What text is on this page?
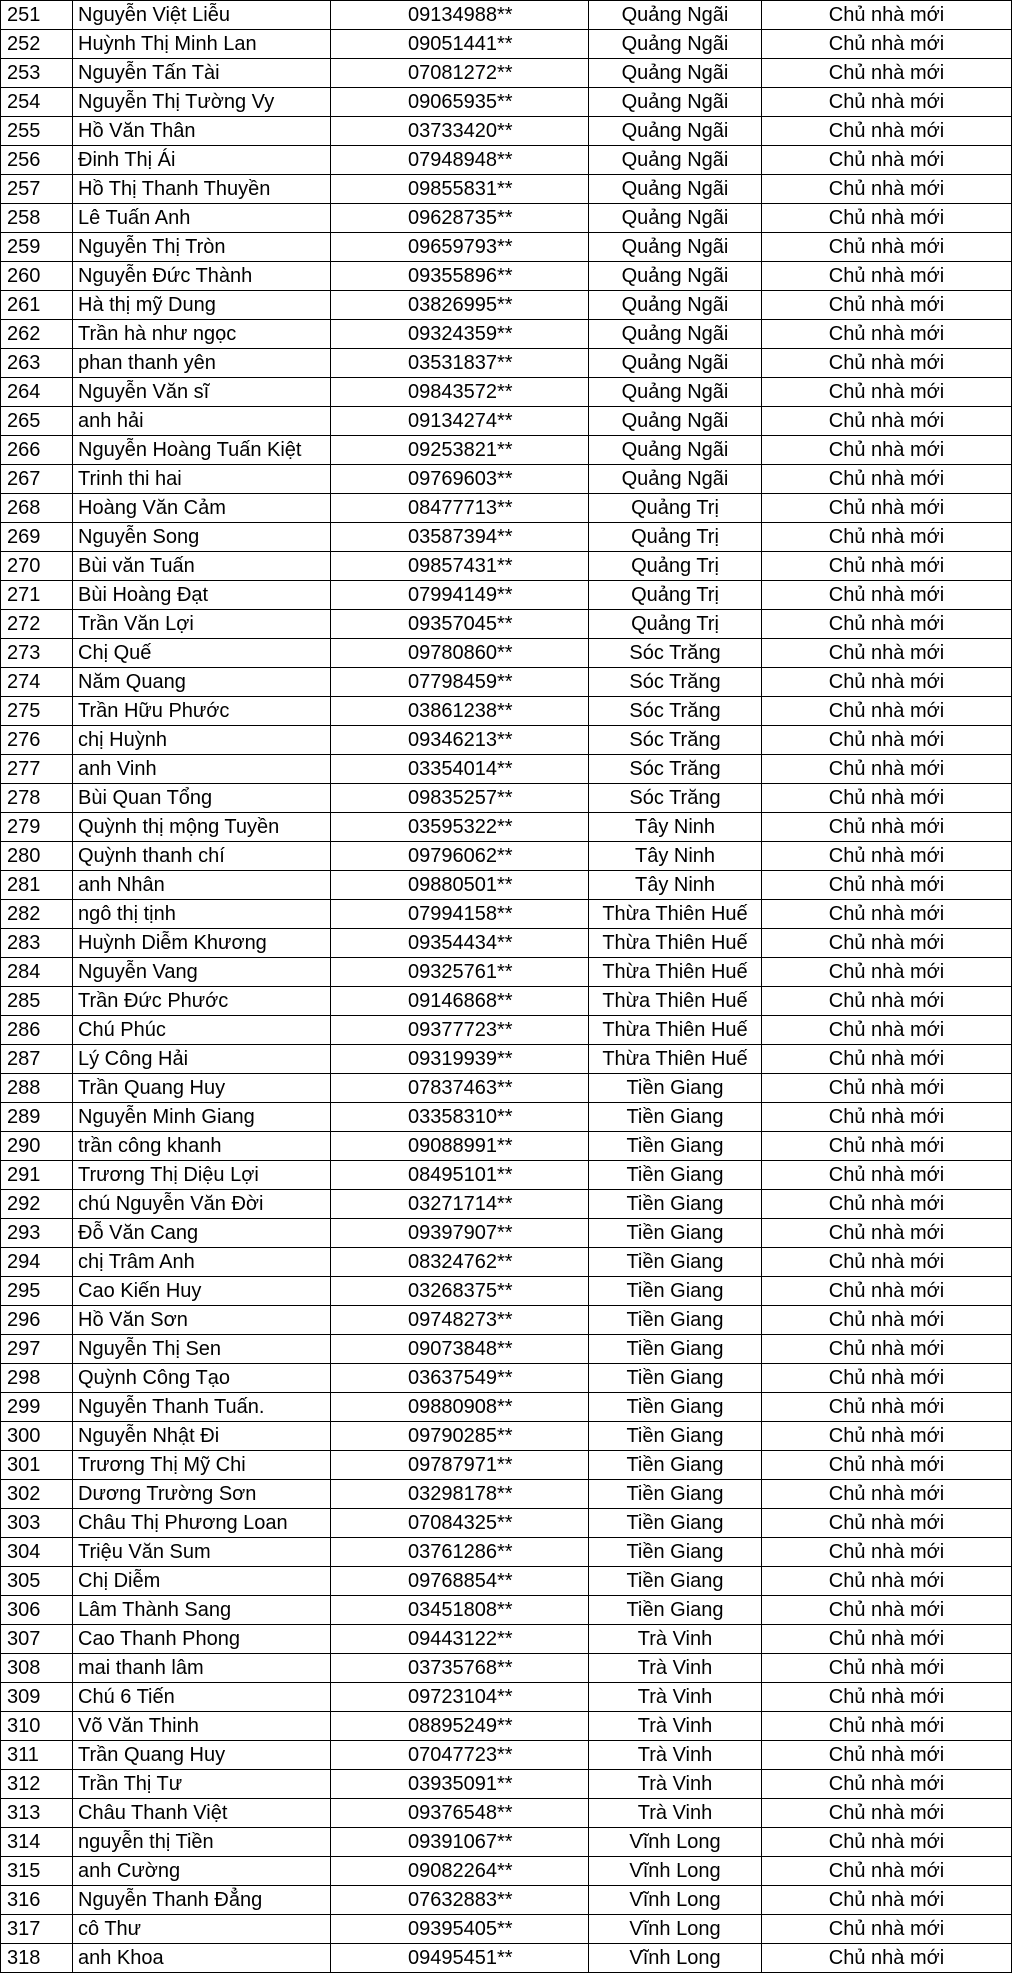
251	Nguyễn Việt Liễu	09134988**	Quảng Ngãi	Chủ nhà mới
252	Huỳnh Thị Minh Lan	09051441**	Quảng Ngãi	Chủ nhà mới
253	Nguyễn Tấn Tài	07081272**	Quảng Ngãi	Chủ nhà mới
254	Nguyễn Thị Tường Vy	09065935**	Quảng Ngãi	Chủ nhà mới
255	Hồ Văn Thân	03733420**	Quảng Ngãi	Chủ nhà mới
256	Đinh Thị Ái	07948948**	Quảng Ngãi	Chủ nhà mới
257	Hồ Thị Thanh Thuyền	09855831**	Quảng Ngãi	Chủ nhà mới
258	Lê Tuấn Anh	09628735**	Quảng Ngãi	Chủ nhà mới
259	Nguyễn Thị Tròn	09659793**	Quảng Ngãi	Chủ nhà mới
260	Nguyễn Đức Thành	09355896**	Quảng Ngãi	Chủ nhà mới
261	Hà thị mỹ Dung	03826995**	Quảng Ngãi	Chủ nhà mới
262	Trần hà như ngọc	09324359**	Quảng Ngãi	Chủ nhà mới
263	phan thanh yên	03531837**	Quảng Ngãi	Chủ nhà mới
264	Nguyễn Văn sĩ	09843572**	Quảng Ngãi	Chủ nhà mới
265	anh hải	09134274**	Quảng Ngãi	Chủ nhà mới
266	Nguyễn Hoàng Tuấn Kiệt	09253821**	Quảng Ngãi	Chủ nhà mới
267	Trinh thi hai	09769603**	Quảng Ngãi	Chủ nhà mới
268	Hoàng Văn Cảm	08477713**	Quảng Trị	Chủ nhà mới
269	Nguyễn Song	03587394**	Quảng Trị	Chủ nhà mới
270	Bùi văn Tuấn	09857431**	Quảng Trị	Chủ nhà mới
271	Bùi Hoàng Đạt	07994149**	Quảng Trị	Chủ nhà mới
272	Trần Văn Lợi	09357045**	Quảng Trị	Chủ nhà mới
273	Chị Quế	09780860**	Sóc Trăng	Chủ nhà mới
274	Năm Quang	07798459**	Sóc Trăng	Chủ nhà mới
275	Trần Hữu Phước	03861238**	Sóc Trăng	Chủ nhà mới
276	chị Huỳnh	09346213**	Sóc Trăng	Chủ nhà mới
277	anh Vinh	03354014**	Sóc Trăng	Chủ nhà mới
278	Bùi Quan Tổng	09835257**	Sóc Trăng	Chủ nhà mới
279	Quỳnh thị mộng Tuyền	03595322**	Tây Ninh	Chủ nhà mới
280	Quỳnh thanh chí	09796062**	Tây Ninh	Chủ nhà mới
281	anh Nhân	09880501**	Tây Ninh	Chủ nhà mới
282	ngô thị tịnh	07994158**	Thừa Thiên Huế	Chủ nhà mới
283	Huỳnh Diễm Khương	09354434**	Thừa Thiên Huế	Chủ nhà mới
284	Nguyễn Vang	09325761**	Thừa Thiên Huế	Chủ nhà mới
285	Trần Đức Phước	09146868**	Thừa Thiên Huế	Chủ nhà mới
286	Chú Phúc	09377723**	Thừa Thiên Huế	Chủ nhà mới
287	Lý Công Hải	09319939**	Thừa Thiên Huế	Chủ nhà mới
288	Trần Quang Huy	07837463**	Tiền Giang	Chủ nhà mới
289	Nguyễn Minh Giang	03358310**	Tiền Giang	Chủ nhà mới
290	trần công khanh	09088991**	Tiền Giang	Chủ nhà mới
291	Trương Thị Diệu Lợi	08495101**	Tiền Giang	Chủ nhà mới
292	chú Nguyễn Văn Đời	03271714**	Tiền Giang	Chủ nhà mới
293	Đỗ Văn Cang	09397907**	Tiền Giang	Chủ nhà mới
294	chị Trâm Anh	08324762**	Tiền Giang	Chủ nhà mới
295	Cao Kiến Huy	03268375**	Tiền Giang	Chủ nhà mới
296	Hồ Văn Sơn	09748273**	Tiền Giang	Chủ nhà mới
297	Nguyễn Thị Sen	09073848**	Tiền Giang	Chủ nhà mới
298	Quỳnh Công Tạo	03637549**	Tiền Giang	Chủ nhà mới
299	Nguyễn Thanh Tuấn.	09880908**	Tiền Giang	Chủ nhà mới
300	Nguyễn Nhật Đi	09790285**	Tiền Giang	Chủ nhà mới
301	Trương Thị Mỹ Chi	09787971**	Tiền Giang	Chủ nhà mới
302	Dương Trường Sơn	03298178**	Tiền Giang	Chủ nhà mới
303	Châu Thị Phương Loan	07084325**	Tiền Giang	Chủ nhà mới
304	Triệu Văn Sum	03761286**	Tiền Giang	Chủ nhà mới
305	Chị Diễm	09768854**	Tiền Giang	Chủ nhà mới
306	Lâm Thành Sang	03451808**	Tiền Giang	Chủ nhà mới
307	Cao Thanh Phong	09443122**	Trà Vinh	Chủ nhà mới
308	mai thanh lâm	03735768**	Trà Vinh	Chủ nhà mới
309	Chú 6 Tiến	09723104**	Trà Vinh	Chủ nhà mới
310	Võ Văn Thinh	08895249**	Trà Vinh	Chủ nhà mới
311	Trần Quang Huy	07047723**	Trà Vinh	Chủ nhà mới
312	Trần Thị Tư	03935091**	Trà Vinh	Chủ nhà mới
313	Châu Thanh Việt	09376548**	Trà Vinh	Chủ nhà mới
314	nguyễn thị Tiền	09391067**	Vĩnh Long	Chủ nhà mới
315	anh Cường	09082264**	Vĩnh Long	Chủ nhà mới
316	Nguyễn Thanh Đẳng	07632883**	Vĩnh Long	Chủ nhà mới
317	cô Thư	09395405**	Vĩnh Long	Chủ nhà mới
318	anh Khoa	09495451**	Vĩnh Long	Chủ nhà mới
